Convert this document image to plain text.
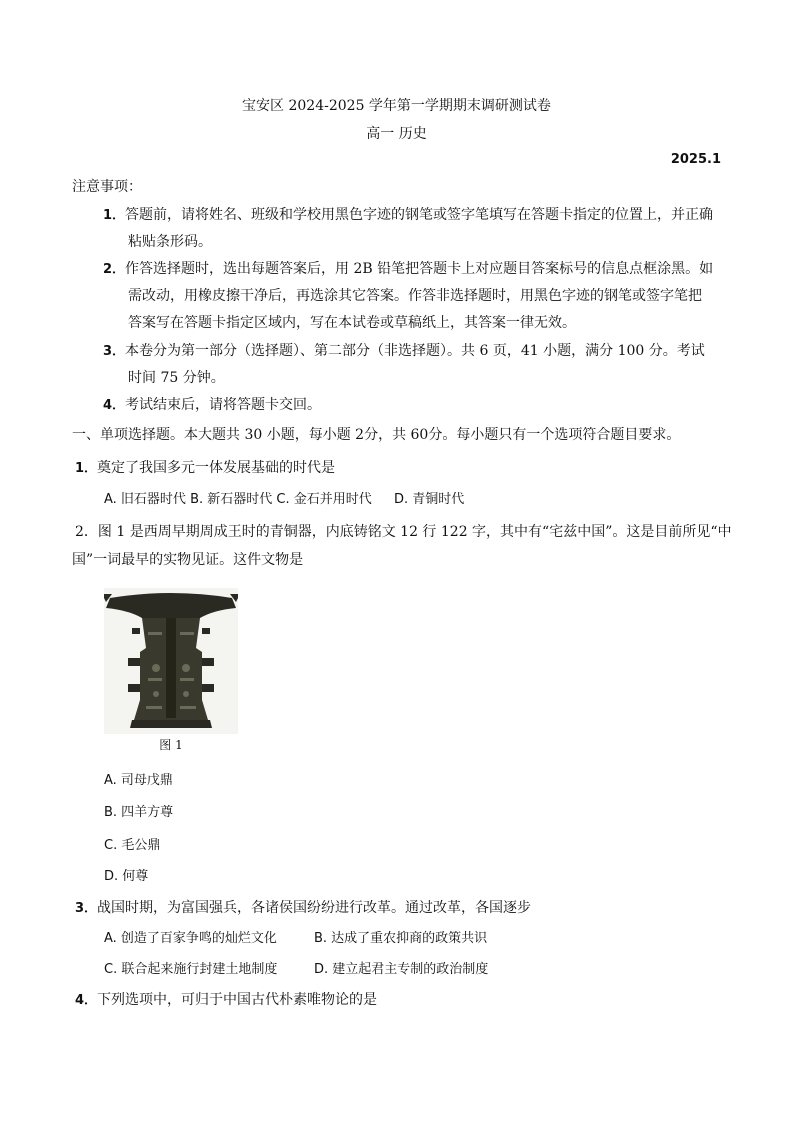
宝安区 2024-2025 学年第一学期期末调研测试卷
高一 历史
2025.1
注意事项：
1．答题前，请将姓名、班级和学校用黑色字迹的钢笔或签字笔填写在答题卡指定的位置上，并正确
粘贴条形码。
2．作答选择题时，选出每题答案后，用 2B 铅笔把答题卡上对应题目答案标号的信息点框涂黑。如
需改动，用橡皮擦干净后，再选涂其它答案。作答非选择题时，用黑色字迹的钢笔或签字笔把
答案写在答题卡指定区域内，写在本试卷或草稿纸上，其答案一律无效。
3．本卷分为第一部分（选择题）、第二部分（非选择题）。共 6 页，41 小题，满分 100 分。考试
时间 75 分钟。
4．考试结束后，请将答题卡交回。
一、单项选择题。本大题共 30 小题，每小题 2分，共 60分。每小题只有一个选项符合题目要求。
1．奠定了我国多元一体发展基础的时代是
A. 旧石器时代 B. 新石器时代 C. 金石并用时代 D. 青铜时代
2．图 1 是西周早期周成王时的青铜器，内底铸铭文 12 行 122 字，其中有“宅兹中国”。这是目前所见“中
国”一词最早的实物见证。这件文物是
图 1
A. 司母戊鼎
B. 四羊方尊
C. 毛公鼎
D. 何尊
3．战国时期，为富国强兵，各诸侯国纷纷进行改革。通过改革，各国逐步
A. 创造了百家争鸣的灿烂文化	B. 达成了重农抑商的政策共识
C. 联合起来施行封建土地制度	D. 建立起君主专制的政治制度
4．下列选项中，可归于中国古代朴素唯物论的是
